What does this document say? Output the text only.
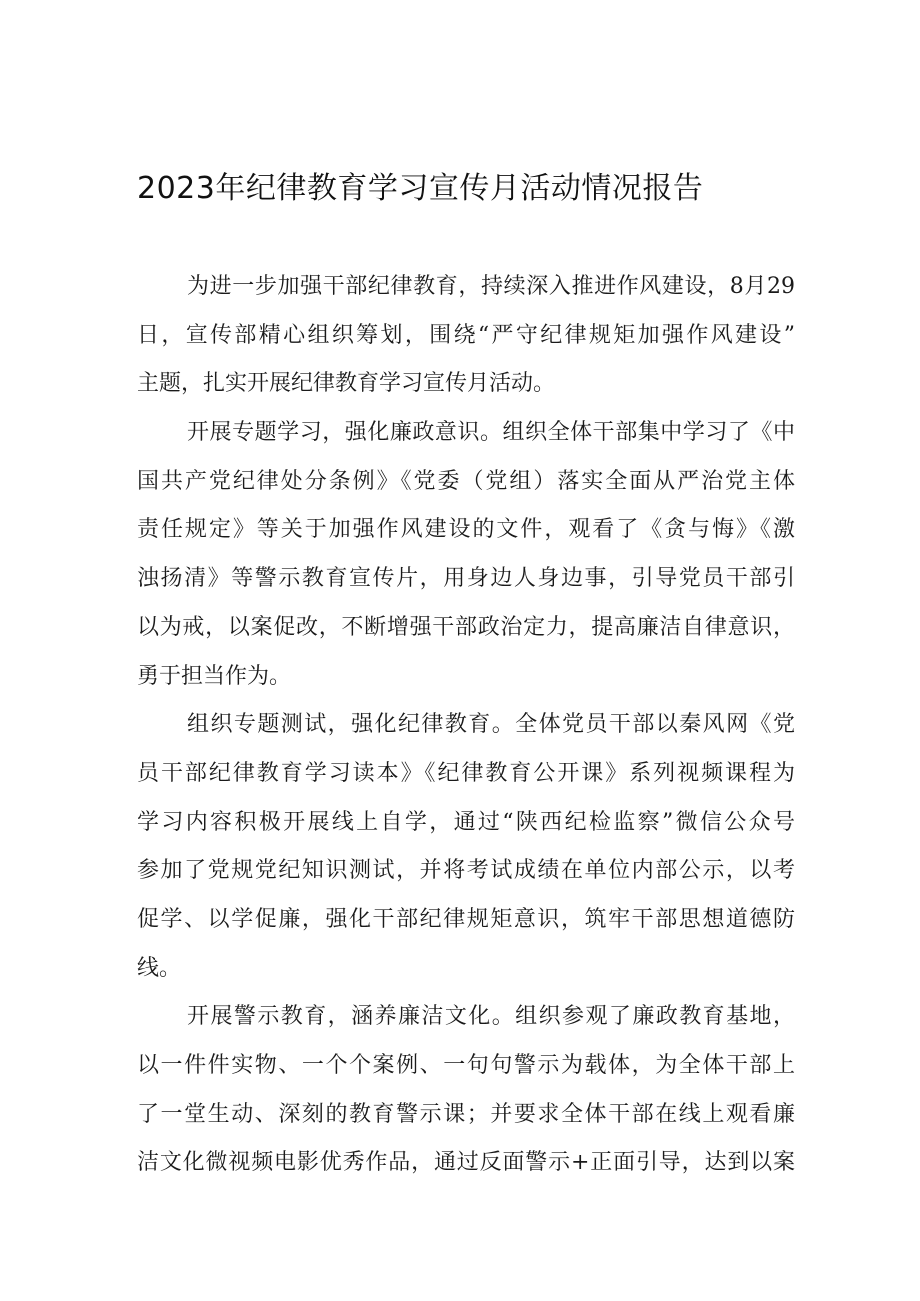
2023年纪律教育学习宣传月活动情况报告
为进一步加强干部纪律教育，持续深入推进作风建设，8月29
日，宣传部精心组织筹划，围绕“严守纪律规矩加强作风建设”
主题，扎实开展纪律教育学习宣传月活动。
开展专题学习，强化廉政意识。组织全体干部集中学习了《中
国共产党纪律处分条例》《党委（党组）落实全面从严治党主体
责任规定》等关于加强作风建设的文件，观看了《贪与悔》《激
浊扬清》等警示教育宣传片，用身边人身边事，引导党员干部引
以为戒，以案促改，不断增强干部政治定力，提高廉洁自律意识，
勇于担当作为。
组织专题测试，强化纪律教育。全体党员干部以秦风网《党
员干部纪律教育学习读本》《纪律教育公开课》系列视频课程为
学习内容积极开展线上自学，通过“陕西纪检监察”微信公众号
参加了党规党纪知识测试，并将考试成绩在单位内部公示，以考
促学、以学促廉，强化干部纪律规矩意识，筑牢干部思想道德防
线。
开展警示教育，涵养廉洁文化。组织参观了廉政教育基地，
以一件件实物、一个个案例、一句句警示为载体，为全体干部上
了一堂生动、深刻的教育警示课；并要求全体干部在线上观看廉
洁文化微视频电影优秀作品，通过反面警示+正面引导，达到以案
